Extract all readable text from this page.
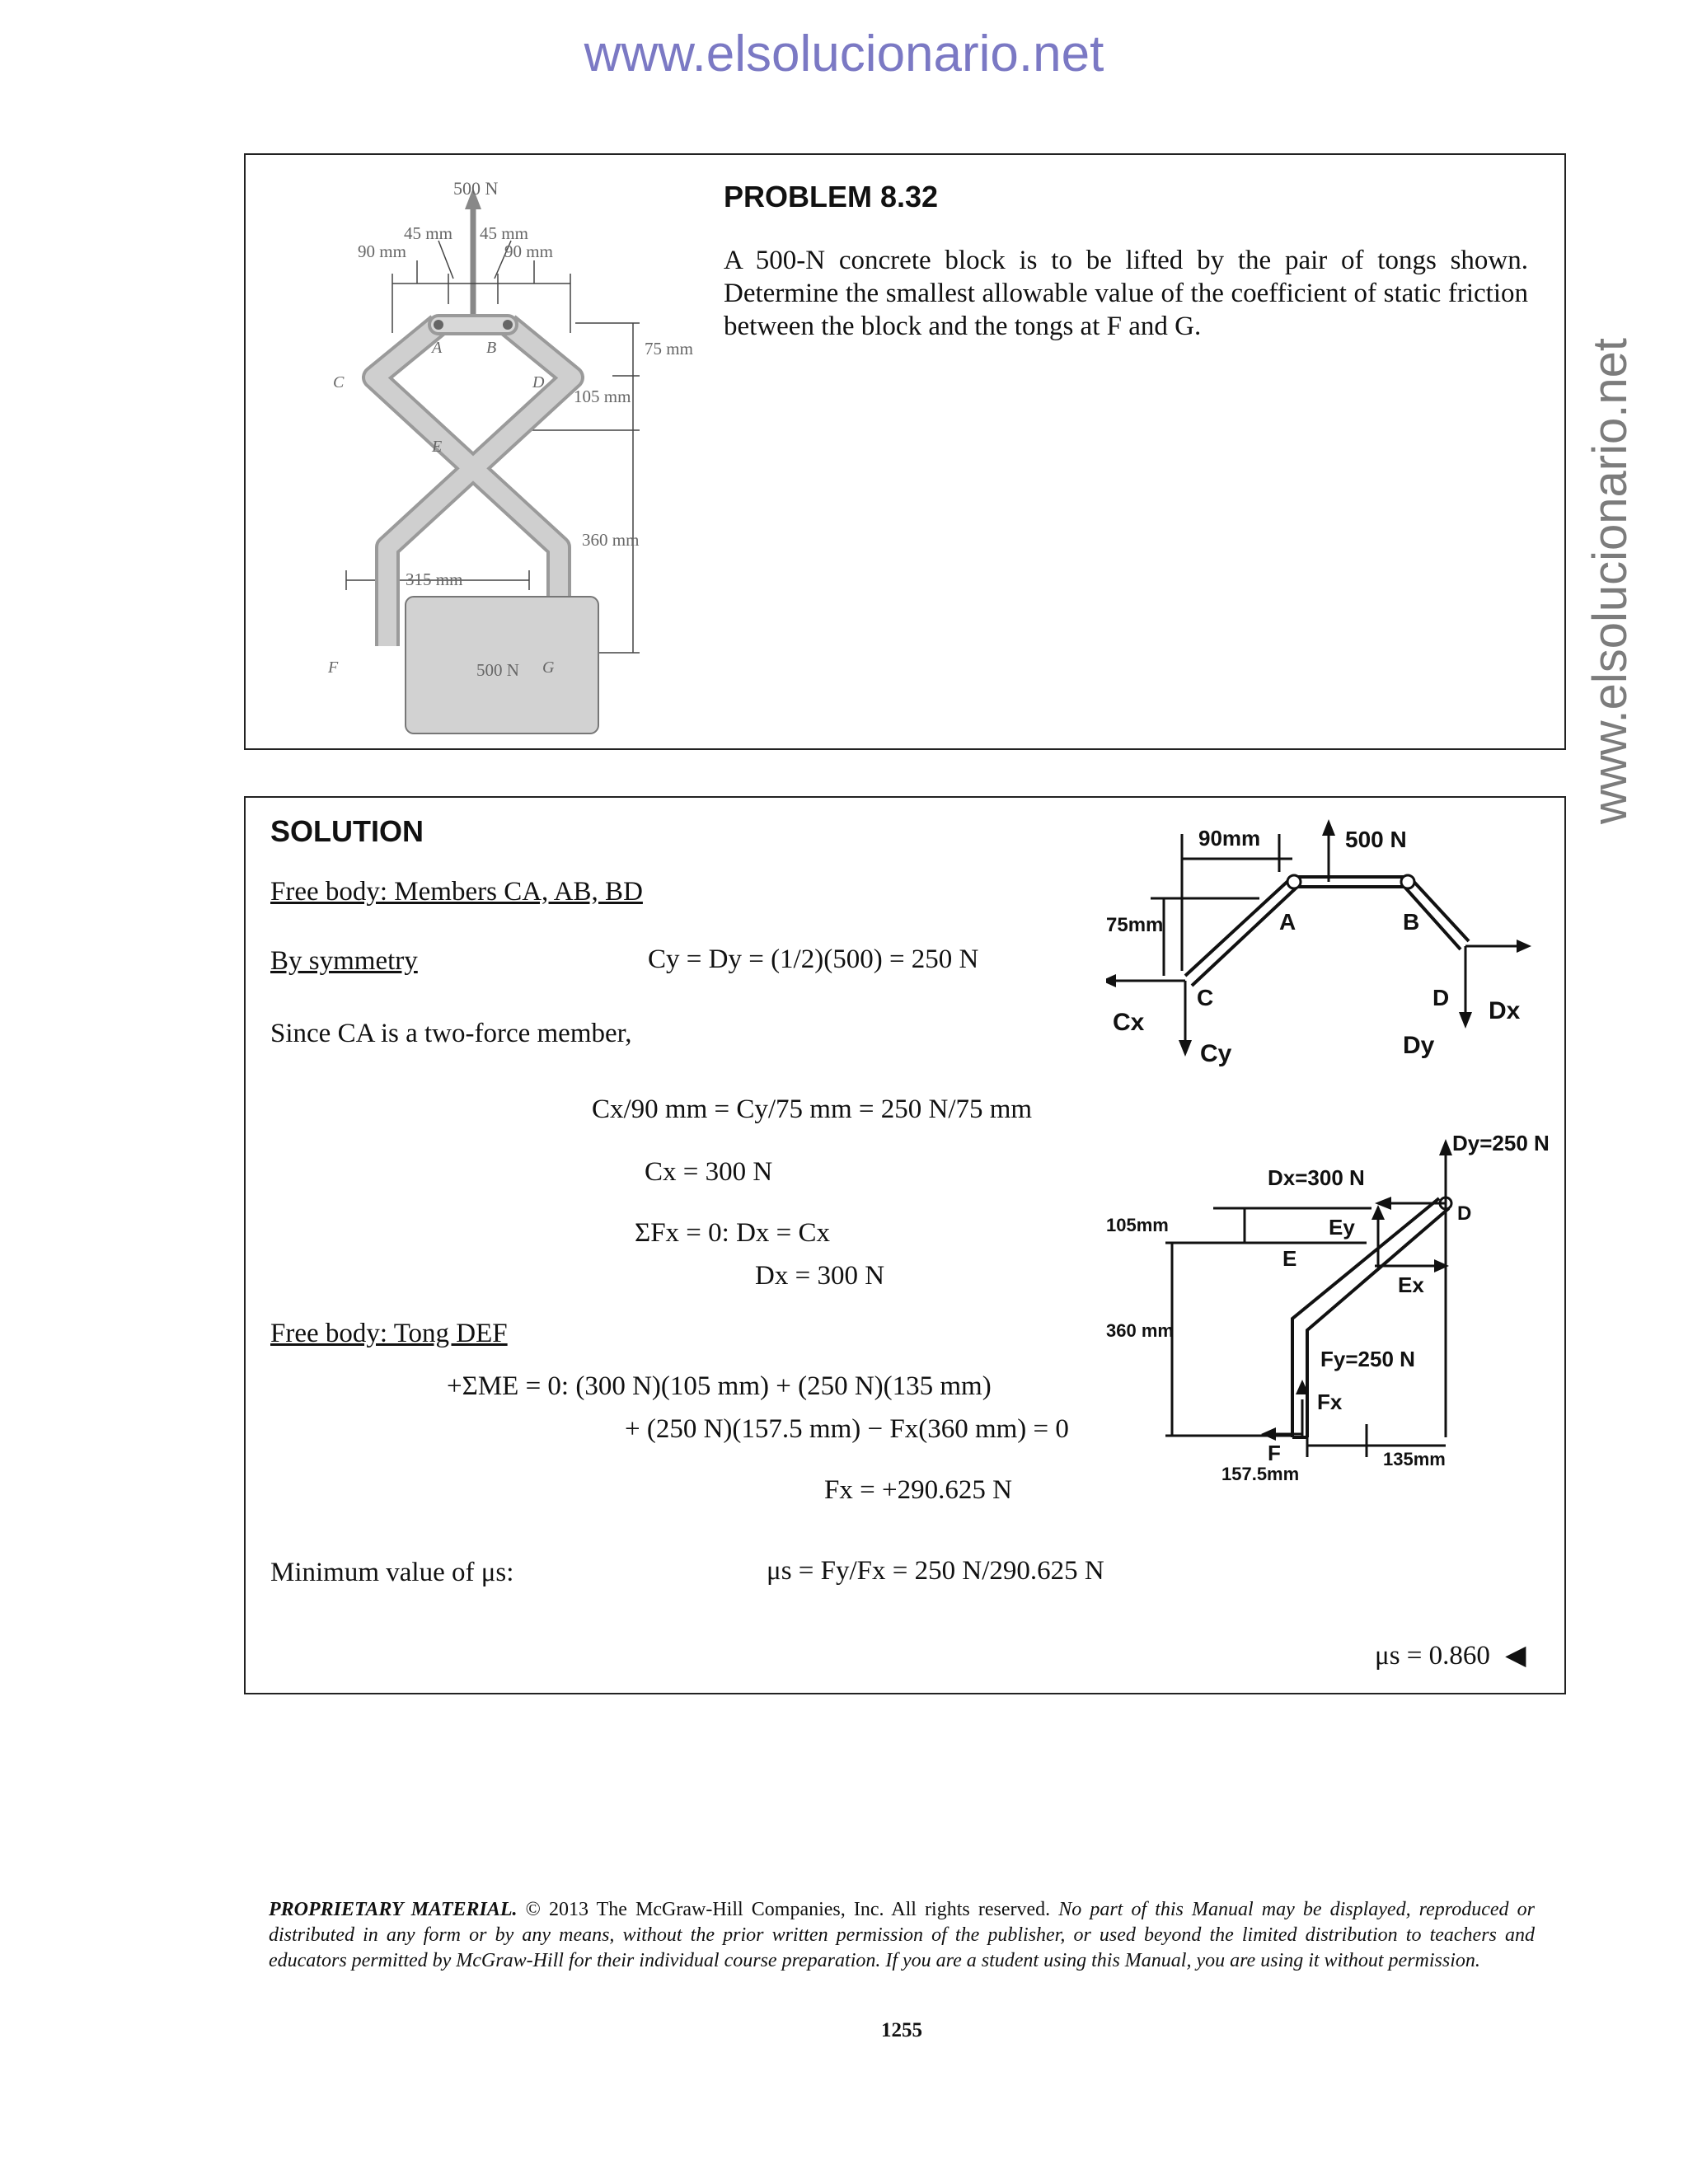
www.elsolucionario.net
www.elsolucionario.net
500 N
45 mm 45 mm
90 mm	90 mm
75 mm
105 mm
360 mm
315 mm
500 N
A	B
C	D
E
F	G
PROBLEM 8.32
A 500-N concrete block is to be lifted by the pair of tongs shown. Determine the smallest allowable value of the coefficient of static friction between the block and the tongs at F and G.
SOLUTION
Free body: Members CA, AB, BD
By symmetry	Cy = Dy = (1/2)(500) = 250 N
Since CA is a two-force member,
Cx/90 mm = Cy/75 mm = 250 N/75 mm
Cx = 300 N
ΣFx = 0: Dx = Cx
Dx = 300 N
Free body: Tong DEF
+ΣME = 0: (300 N)(105 mm) + (250 N)(135 mm)
+ (250 N)(157.5 mm) − Fx(360 mm) = 0
Fx = +290.625 N
Minimum value of μs:	μs = Fy/Fx = 250 N/290.625 N
μs = 0.860 ◀
90mm	500 N
75mm	A	B
C	D
Cx
Cy
Dx
Dy
Dy=250 N
Dx=300 N
105mm	Ey
E
Ex
D
360 mm
Fy=250 N
Fx
F
157.5mm
135mm
PROPRIETARY MATERIAL. © 2013 The McGraw-Hill Companies, Inc. All rights reserved. No part of this Manual may be displayed, reproduced or distributed in any form or by any means, without the prior written permission of the publisher, or used beyond the limited distribution to teachers and educators permitted by McGraw-Hill for their individual course preparation. If you are a student using this Manual, you are using it without permission.
1255
